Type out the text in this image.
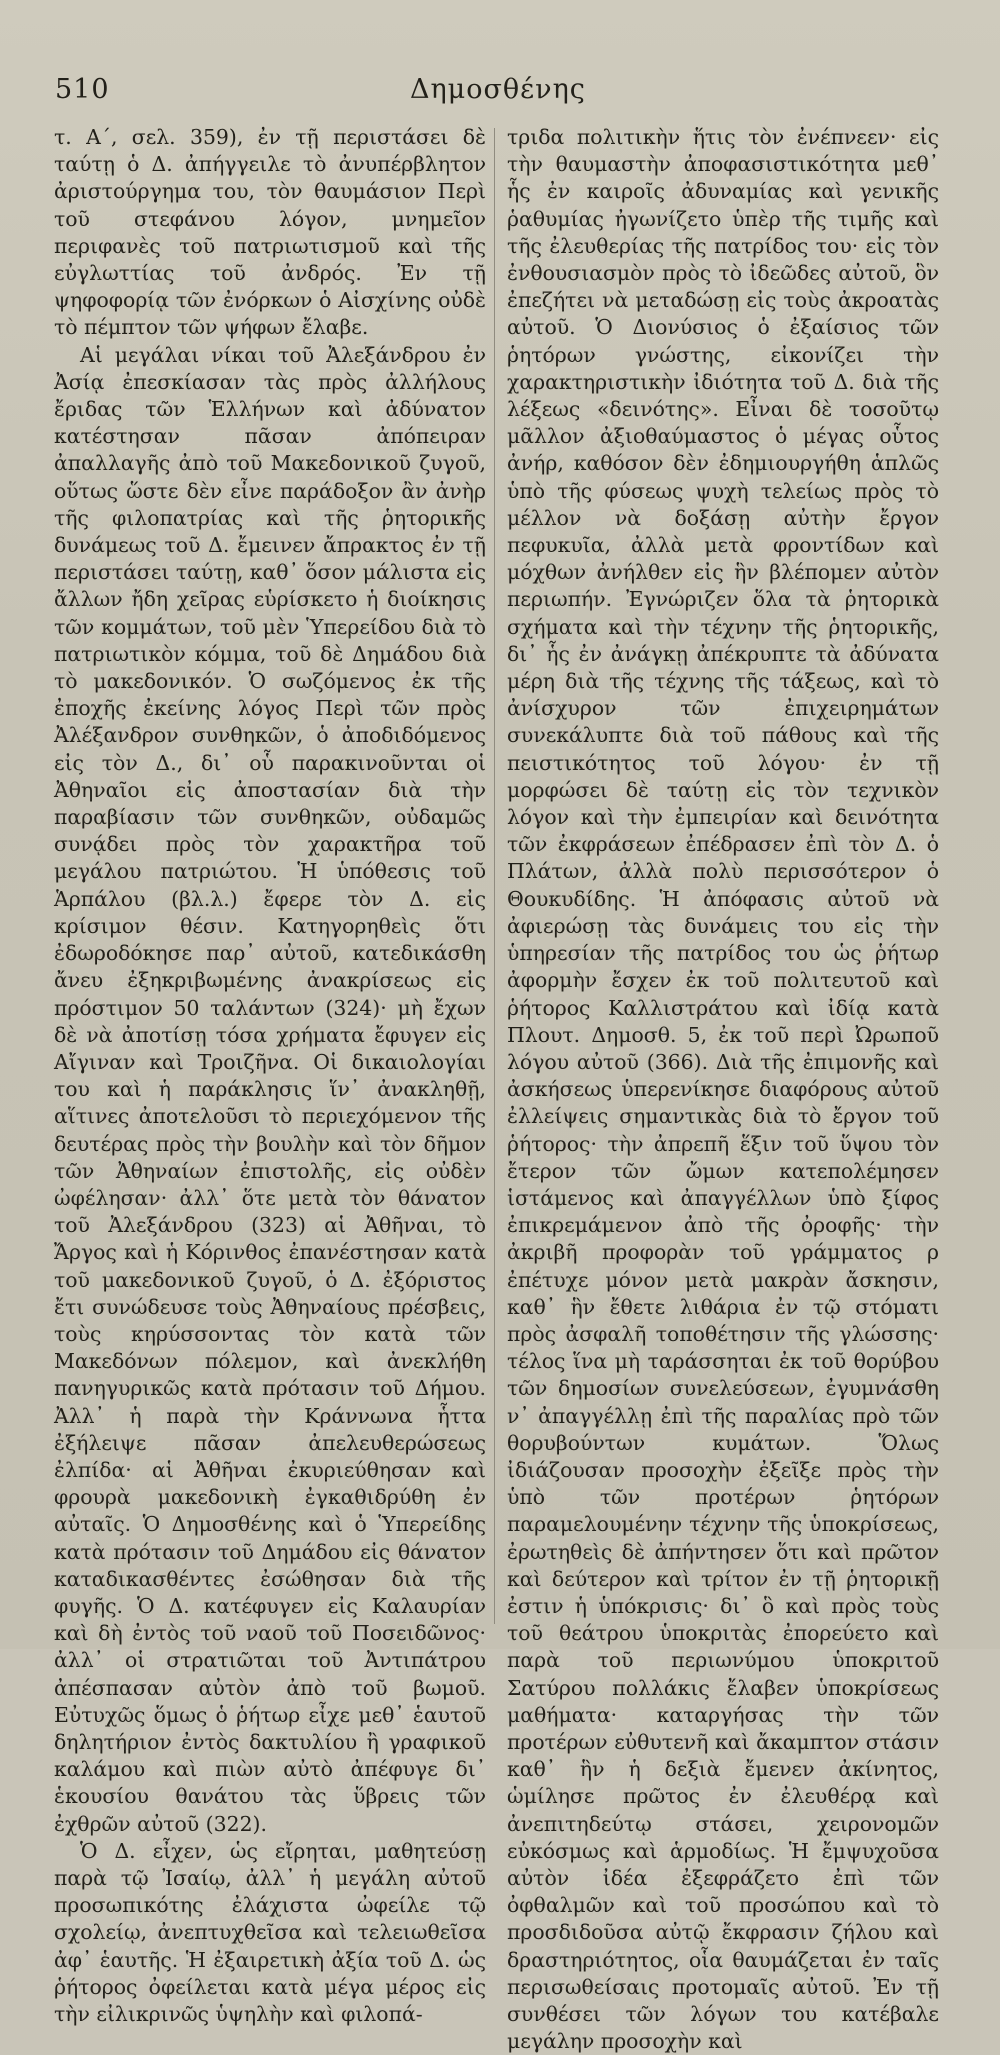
510	Δημοσθένης

τ. Α΄, σελ. 359), ἐν τῇ περιστάσει δὲ ταύτῃ ὁ Δ. ἀπήγγειλε τὸ ἀνυπέρβλητον ἀριστούργημα του, τὸν θαυμάσιον Περὶ τοῦ στεφάνου λόγον, μνημεῖον περιφανὲς τοῦ πατριωτισμοῦ καὶ τῆς εὐγλωττίας τοῦ ἀνδρός. Ἐν τῇ ψηφοφορίᾳ τῶν ἐνόρκων ὁ Αἰσχίνης οὐδὲ τὸ πέμπτον τῶν ψήφων ἔλαβε.

Αἱ μεγάλαι νίκαι τοῦ Ἀλεξάνδρου ἐν Ἀσίᾳ ἐπεσκίασαν τὰς πρὸς ἀλλήλους ἔριδας τῶν Ἑλλήνων καὶ ἀδύνατον κατέστησαν πᾶσαν ἀπόπειραν ἀπαλλαγῆς ἀπὸ τοῦ Μακεδονικοῦ ζυγοῦ, οὕτως ὥστε δὲν εἶνε παράδοξον ἂν ἀνὴρ τῆς φιλοπατρίας καὶ τῆς ῥητορικῆς δυνάμεως τοῦ Δ. ἔμεινεν ἄπρακτος ἐν τῇ περιστάσει ταύτῃ, καθ᾽ ὅσον μάλιστα εἰς ἄλλων ἤδη χεῖρας εὑρίσκετο ἡ διοίκησις τῶν κομμάτων, τοῦ μὲν Ὑπερείδου διὰ τὸ πατριωτικὸν κόμμα, τοῦ δὲ Δημάδου διὰ τὸ μακεδονικόν. Ὁ σωζόμενος ἐκ τῆς ἐποχῆς ἐκείνης λόγος Περὶ τῶν πρὸς Ἀλέξανδρον συνθηκῶν, ὁ ἀποδιδόμενος εἰς τὸν Δ., δι᾽ οὗ παρακινοῦνται οἱ Ἀθηναῖοι εἰς ἀποστασίαν διὰ τὴν παραβίασιν τῶν συνθηκῶν, οὐδαμῶς συνᾴδει πρὸς τὸν χαρακτῆρα τοῦ μεγάλου πατριώτου. Ἡ ὑπόθεσις τοῦ Ἁρπάλου (βλ.λ.) ἔφερε τὸν Δ. εἰς κρίσιμον θέσιν. Κατηγορηθεὶς ὅτι ἐδωροδόκησε παρ᾽ αὐτοῦ, κατεδικάσθη ἄνευ ἐξηκριβωμένης ἀνακρίσεως εἰς πρόστιμον 50 ταλάντων (324)· μὴ ἔχων δὲ νὰ ἀποτίσῃ τόσα χρήματα ἔφυγεν εἰς Αἴγιναν καὶ Τροιζῆνα. Οἱ δικαιολογίαι του καὶ ἡ παράκλησις ἵν᾽ ἀνακληθῇ, αἵτινες ἀποτελοῦσι τὸ περιεχόμενον τῆς δευτέρας πρὸς τὴν βουλὴν καὶ τὸν δῆμον τῶν Ἀθηναίων ἐπιστολῆς, εἰς οὐδὲν ὠφέλησαν· ἀλλ᾽ ὅτε μετὰ τὸν θάνατον τοῦ Ἀλεξάνδρου (323) αἱ Ἀθῆναι, τὸ Ἄργος καὶ ἡ Κόρινθος ἐπανέστησαν κατὰ τοῦ μακεδονικοῦ ζυγοῦ, ὁ Δ. ἐξόριστος ἔτι συνώδευσε τοὺς Ἀθηναίους πρέσβεις, τοὺς κηρύσσοντας τὸν κατὰ τῶν Μακεδόνων πόλεμον, καὶ ἀνεκλήθη πανηγυρικῶς κατὰ πρότασιν τοῦ Δήμου. Ἀλλ᾽ ἡ παρὰ τὴν Κράννωνα ἧττα ἐξήλειψε πᾶσαν ἀπελευθερώσεως ἐλπίδα· αἱ Ἀθῆναι ἐκυριεύθησαν καὶ φρουρὰ μακεδονικὴ ἐγκαθιδρύθη ἐν αὐταῖς. Ὁ Δημοσθένης καὶ ὁ Ὑπερείδης κατὰ πρότασιν τοῦ Δημάδου εἰς θάνατον καταδικασθέντες ἐσώθησαν διὰ τῆς φυγῆς. Ὁ Δ. κατέφυγεν εἰς Καλαυρίαν καὶ δὴ ἐντὸς τοῦ ναοῦ τοῦ Ποσειδῶνος· ἀλλ᾽ οἱ στρατιῶται τοῦ Ἀντιπάτρου ἀπέσπασαν αὐτὸν ἀπὸ τοῦ βωμοῦ. Εὐτυχῶς ὅμως ὁ ῥήτωρ εἶχε μεθ᾽ ἑαυτοῦ δηλητήριον ἐντὸς δακτυλίου ἢ γραφικοῦ καλάμου καὶ πιὼν αὐτὸ ἀπέφυγε δι᾽ ἑκουσίου θανάτου τὰς ὕβρεις τῶν ἐχθρῶν αὐτοῦ (322).

Ὁ Δ. εἶχεν, ὡς εἴρηται, μαθητεύσῃ παρὰ τῷ Ἰσαίῳ, ἀλλ᾽ ἡ μεγάλη αὐτοῦ προσωπικότης ἐλάχιστα ὠφείλε τῷ σχολείῳ, ἀνεπτυχθεῖσα καὶ τελειωθεῖσα ἀφ᾽ ἑαυτῆς. Ἡ ἐξαιρετικὴ ἀξία τοῦ Δ. ὡς ῥήτορος ὀφείλεται κατὰ μέγα μέρος εἰς τὴν εἰλικρινῶς ὑψηλὴν καὶ φιλοπά-

τριδα πολιτικὴν ἥτις τὸν ἐνέπνεεν· εἰς τὴν θαυμαστὴν ἀποφασιστικότητα μεθ᾽ ἧς ἐν καιροῖς ἀδυναμίας καὶ γενικῆς ῥαθυμίας ἠγωνίζετο ὑπὲρ τῆς τιμῆς καὶ τῆς ἐλευθερίας τῆς πατρίδος του· εἰς τὸν ἐνθουσιασμὸν πρὸς τὸ ἰδεῶδες αὐτοῦ, ὃν ἐπεζήτει νὰ μεταδώσῃ εἰς τοὺς ἀκροατὰς αὐτοῦ. Ὁ Διονύσιος ὁ ἐξαίσιος τῶν ῥητόρων γνώστης, εἰκονίζει τὴν χαρακτηριστικὴν ἰδιότητα τοῦ Δ. διὰ τῆς λέξεως «δεινότης». Εἶναι δὲ τοσοῦτῳ μᾶλλον ἀξιοθαύμαστος ὁ μέγας οὗτος ἀνήρ, καθόσον δὲν ἐδημιουργήθη ἁπλῶς ὑπὸ τῆς φύσεως ψυχὴ τελείως πρὸς τὸ μέλλον νὰ δοξάσῃ αὐτὴν ἔργον πεφυκυῖα, ἀλλὰ μετὰ φροντίδων καὶ μόχθων ἀνήλθεν εἰς ἣν βλέπομεν αὐτὸν περιωπήν. Ἐγνώριζεν ὅλα τὰ ῥητορικὰ σχήματα καὶ τὴν τέχνην τῆς ῥητορικῆς, δι᾽ ἧς ἐν ἀνάγκῃ ἀπέκρυπτε τὰ ἀδύνατα μέρη διὰ τῆς τέχνης τῆς τάξεως, καὶ τὸ ἀνίσχυρον τῶν ἐπιχειρημάτων συνεκάλυπτε διὰ τοῦ πάθους καὶ τῆς πειστικότητος τοῦ λόγου· ἐν τῇ μορφώσει δὲ ταύτῃ εἰς τὸν τεχνικὸν λόγον καὶ τὴν ἐμπειρίαν καὶ δεινότητα τῶν ἐκφράσεων ἐπέδρασεν ἐπὶ τὸν Δ. ὁ Πλάτων, ἀλλὰ πολὺ περισσότερον ὁ Θουκυδίδης. Ἡ ἀπόφασις αὐτοῦ νὰ ἀφιερώσῃ τὰς δυνάμεις του εἰς τὴν ὑπηρεσίαν τῆς πατρίδος του ὡς ῥήτωρ ἀφορμὴν ἔσχεν ἐκ τοῦ πολιτευτοῦ καὶ ῥήτορος Καλλιστράτου καὶ ἰδίᾳ κατὰ Πλουτ. Δημοσθ. 5, ἐκ τοῦ περὶ Ὠρωποῦ λόγου αὐτοῦ (366). Διὰ τῆς ἐπιμονῆς καὶ ἀσκήσεως ὑπερενίκησε διαφόρους αὐτοῦ ἐλλείψεις σημαντικὰς διὰ τὸ ἔργον τοῦ ῥήτορος· τὴν ἀπρεπῆ ἕξιν τοῦ ὕψου τὸν ἔτερον τῶν ὤμων κατεπολέμησεν ἱστάμενος καὶ ἀπαγγέλλων ὑπὸ ξίφος ἐπικρεμάμενον ἀπὸ τῆς ὀροφῆς· τὴν ἀκριβῆ προφορὰν τοῦ γράμματος ρ ἐπέτυχε μόνον μετὰ μακρὰν ἄσκησιν, καθ᾽ ἣν ἔθετε λιθάρια ἐν τῷ στόματι πρὸς ἀσφαλῆ τοποθέτησιν τῆς γλώσσης· τέλος ἵνα μὴ ταράσσηται ἐκ τοῦ θορύβου τῶν δημοσίων συνελεύσεων, ἐγυμνάσθη ν᾽ ἀπαγγέλλῃ ἐπὶ τῆς παραλίας πρὸ τῶν θορυβούντων κυμάτων. Ὅλως ἰδιάζουσαν προσοχὴν ἐξεῖξε πρὸς τὴν ὑπὸ τῶν προτέρων ῥητόρων παραμελουμένην τέχνην τῆς ὑποκρίσεως, ἐρωτηθεὶς δὲ ἀπήντησεν ὅτι καὶ πρῶτον καὶ δεύτερον καὶ τρίτον ἐν τῇ ῥητορικῇ ἐστιν ἡ ὑπόκρισις· δι᾽ ὃ καὶ πρὸς τοὺς τοῦ θεάτρου ὑποκριτὰς ἐπορεύετο καὶ παρὰ τοῦ περιωνύμου ὑποκριτοῦ Σατύρου πολλάκις ἔλαβεν ὑποκρίσεως μαθήματα· καταργήσας τὴν τῶν προτέρων εὐθυτενῆ καὶ ἄκαμπτον στάσιν καθ᾽ ἣν ἡ δεξιὰ ἔμενεν ἀκίνητος, ὡμίλησε πρῶτος ἐν ἐλευθέρᾳ καὶ ἀνεπιτηδεύτῳ στάσει, χειρονομῶν εὐκόσμως καὶ ἁρμοδίως. Ἡ ἔμψυχοῦσα αὐτὸν ἰδέα ἐξεφράζετο ἐπὶ τῶν ὀφθαλμῶν καὶ τοῦ προσώπου καὶ τὸ προσδιδοῦσα αὐτῷ ἔκφρασιν ζήλου καὶ δραστηριότητος, οἷα θαυμάζεται ἐν ταῖς περισωθείσαις προτομαῖς αὐτοῦ. Ἐν τῇ συνθέσει τῶν λόγων του κατέβαλε μεγάλην προσοχὴν καὶ
